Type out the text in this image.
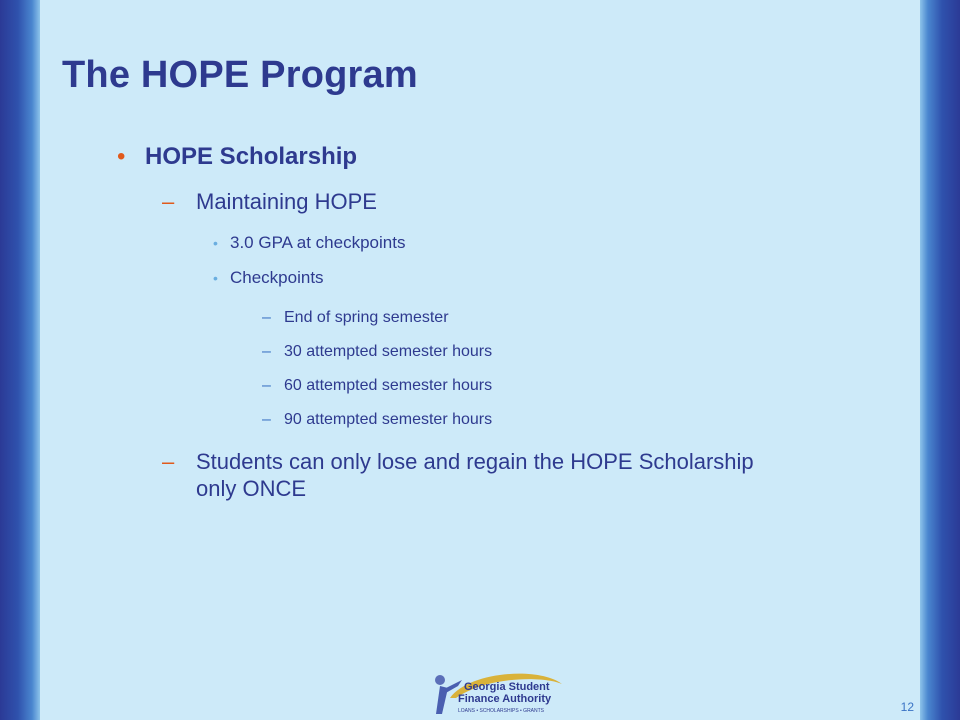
The HOPE Program
• HOPE Scholarship
– Maintaining HOPE
• 3.0 GPA at checkpoints
• Checkpoints
– End of spring semester
– 30 attempted semester hours
– 60 attempted semester hours
– 90 attempted semester hours
– Students can only lose and regain the HOPE Scholarship only ONCE
Georgia Student
Finance Authority
LOANS • SCHOLARSHIPS • GRANTS	12
